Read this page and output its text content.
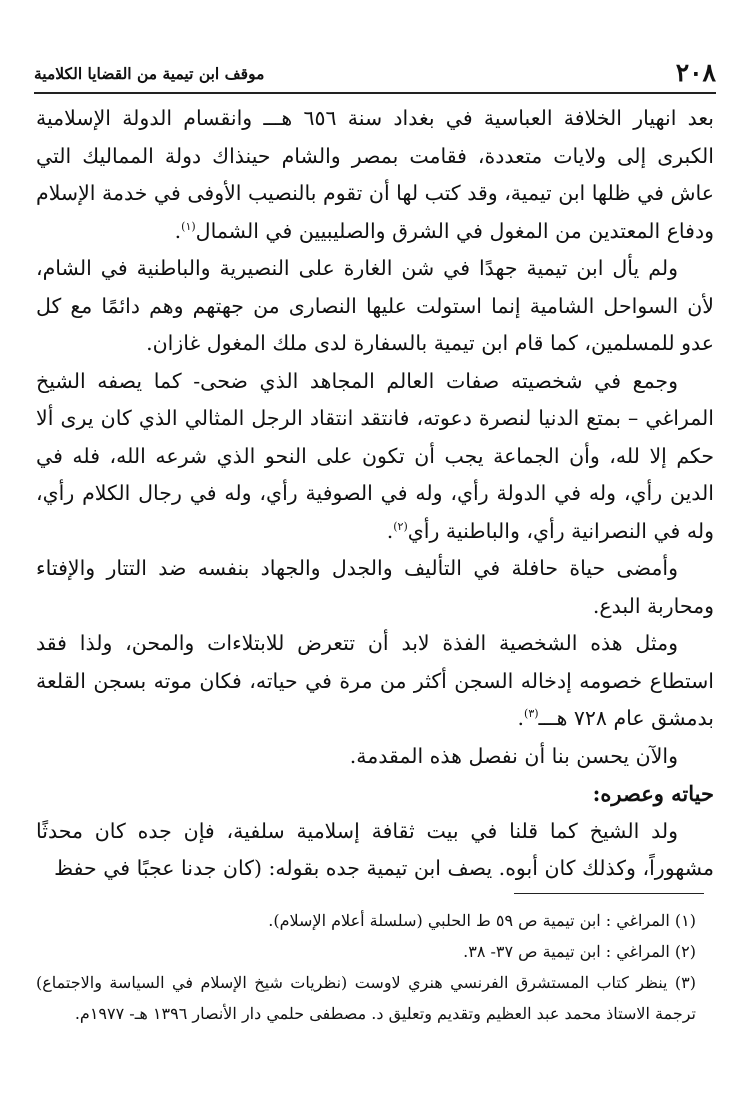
٢٠٨
موقف ابن تيمية من القضايا الكلامية

بعد انهيار الخلافة العباسية في بغداد سنة ٦٥٦ هـــ وانقسام الدولة الإسلامية الكبرى إلى ولايات متعددة، فقامت بمصر والشام حينذاك دولة المماليك التي عاش في ظلها ابن تيمية، وقد كتب لها أن تقوم بالنصيب الأوفى في خدمة الإسلام ودفاع المعتدين من المغول في الشرق والصليبيين في الشمال$^{(١)}$.

ولم يأل ابن تيمية جهدًا في شن الغارة على النصيرية والباطنية في الشام، لأن السواحل الشامية إنما استولت عليها النصارى من جهتهم وهم دائمًا مع كل عدو للمسلمين، كما قام ابن تيمية بالسفارة لدى ملك المغول غازان.

وجمع في شخصيته صفات العالم المجاهد الذي ضحى- كما يصفه الشيخ المراغي – بمتع الدنيا لنصرة دعوته، فانتقد انتقاد الرجل المثالي الذي كان يرى ألا حكم إلا لله، وأن الجماعة يجب أن تكون على النحو الذي شرعه الله، فله في الدين رأي، وله في الدولة رأي، وله في الصوفية رأي، وله في رجال الكلام رأي، وله في النصرانية رأي، والباطنية رأي$^{(٢)}$.

وأمضى حياة حافلة في التأليف والجدل والجهاد بنفسه ضد التتار والإفتاء ومحاربة البدع.

ومثل هذه الشخصية الفذة لابد أن تتعرض للابتلاءات والمحن، ولذا فقد استطاع خصومه إدخاله السجن أكثر من مرة في حياته، فكان موته بسجن القلعة بدمشق عام ٧٢٨ هـــ$^{(٣)}$.

والآن يحسن بنا أن نفصل هذه المقدمة.

حياته وعصره:

ولد الشيخ كما قلنا في بيت ثقافة إسلامية سلفية، فإن جده كان محدثًا مشهوراً، وكذلك كان أبوه. يصف ابن تيمية جده بقوله: (كان جدنا عجبًا في حفظ

(١) المراغي : ابن تيمية ص ٥٩ ط الحلبي (سلسلة أعلام الإسلام).

(٢) المراغي : ابن تيمية ص ٣٧- ٣٨.

(٣) ينظر كتاب المستشرق الفرنسي هنري لاوست (نظريات شيخ الإسلام في السياسة والاجتماع) ترجمة الاستاذ محمد عبد العظيم وتقديم وتعليق د. مصطفى حلمي دار الأنصار ١٣٩٦ هـ- ١٩٧٧م.
